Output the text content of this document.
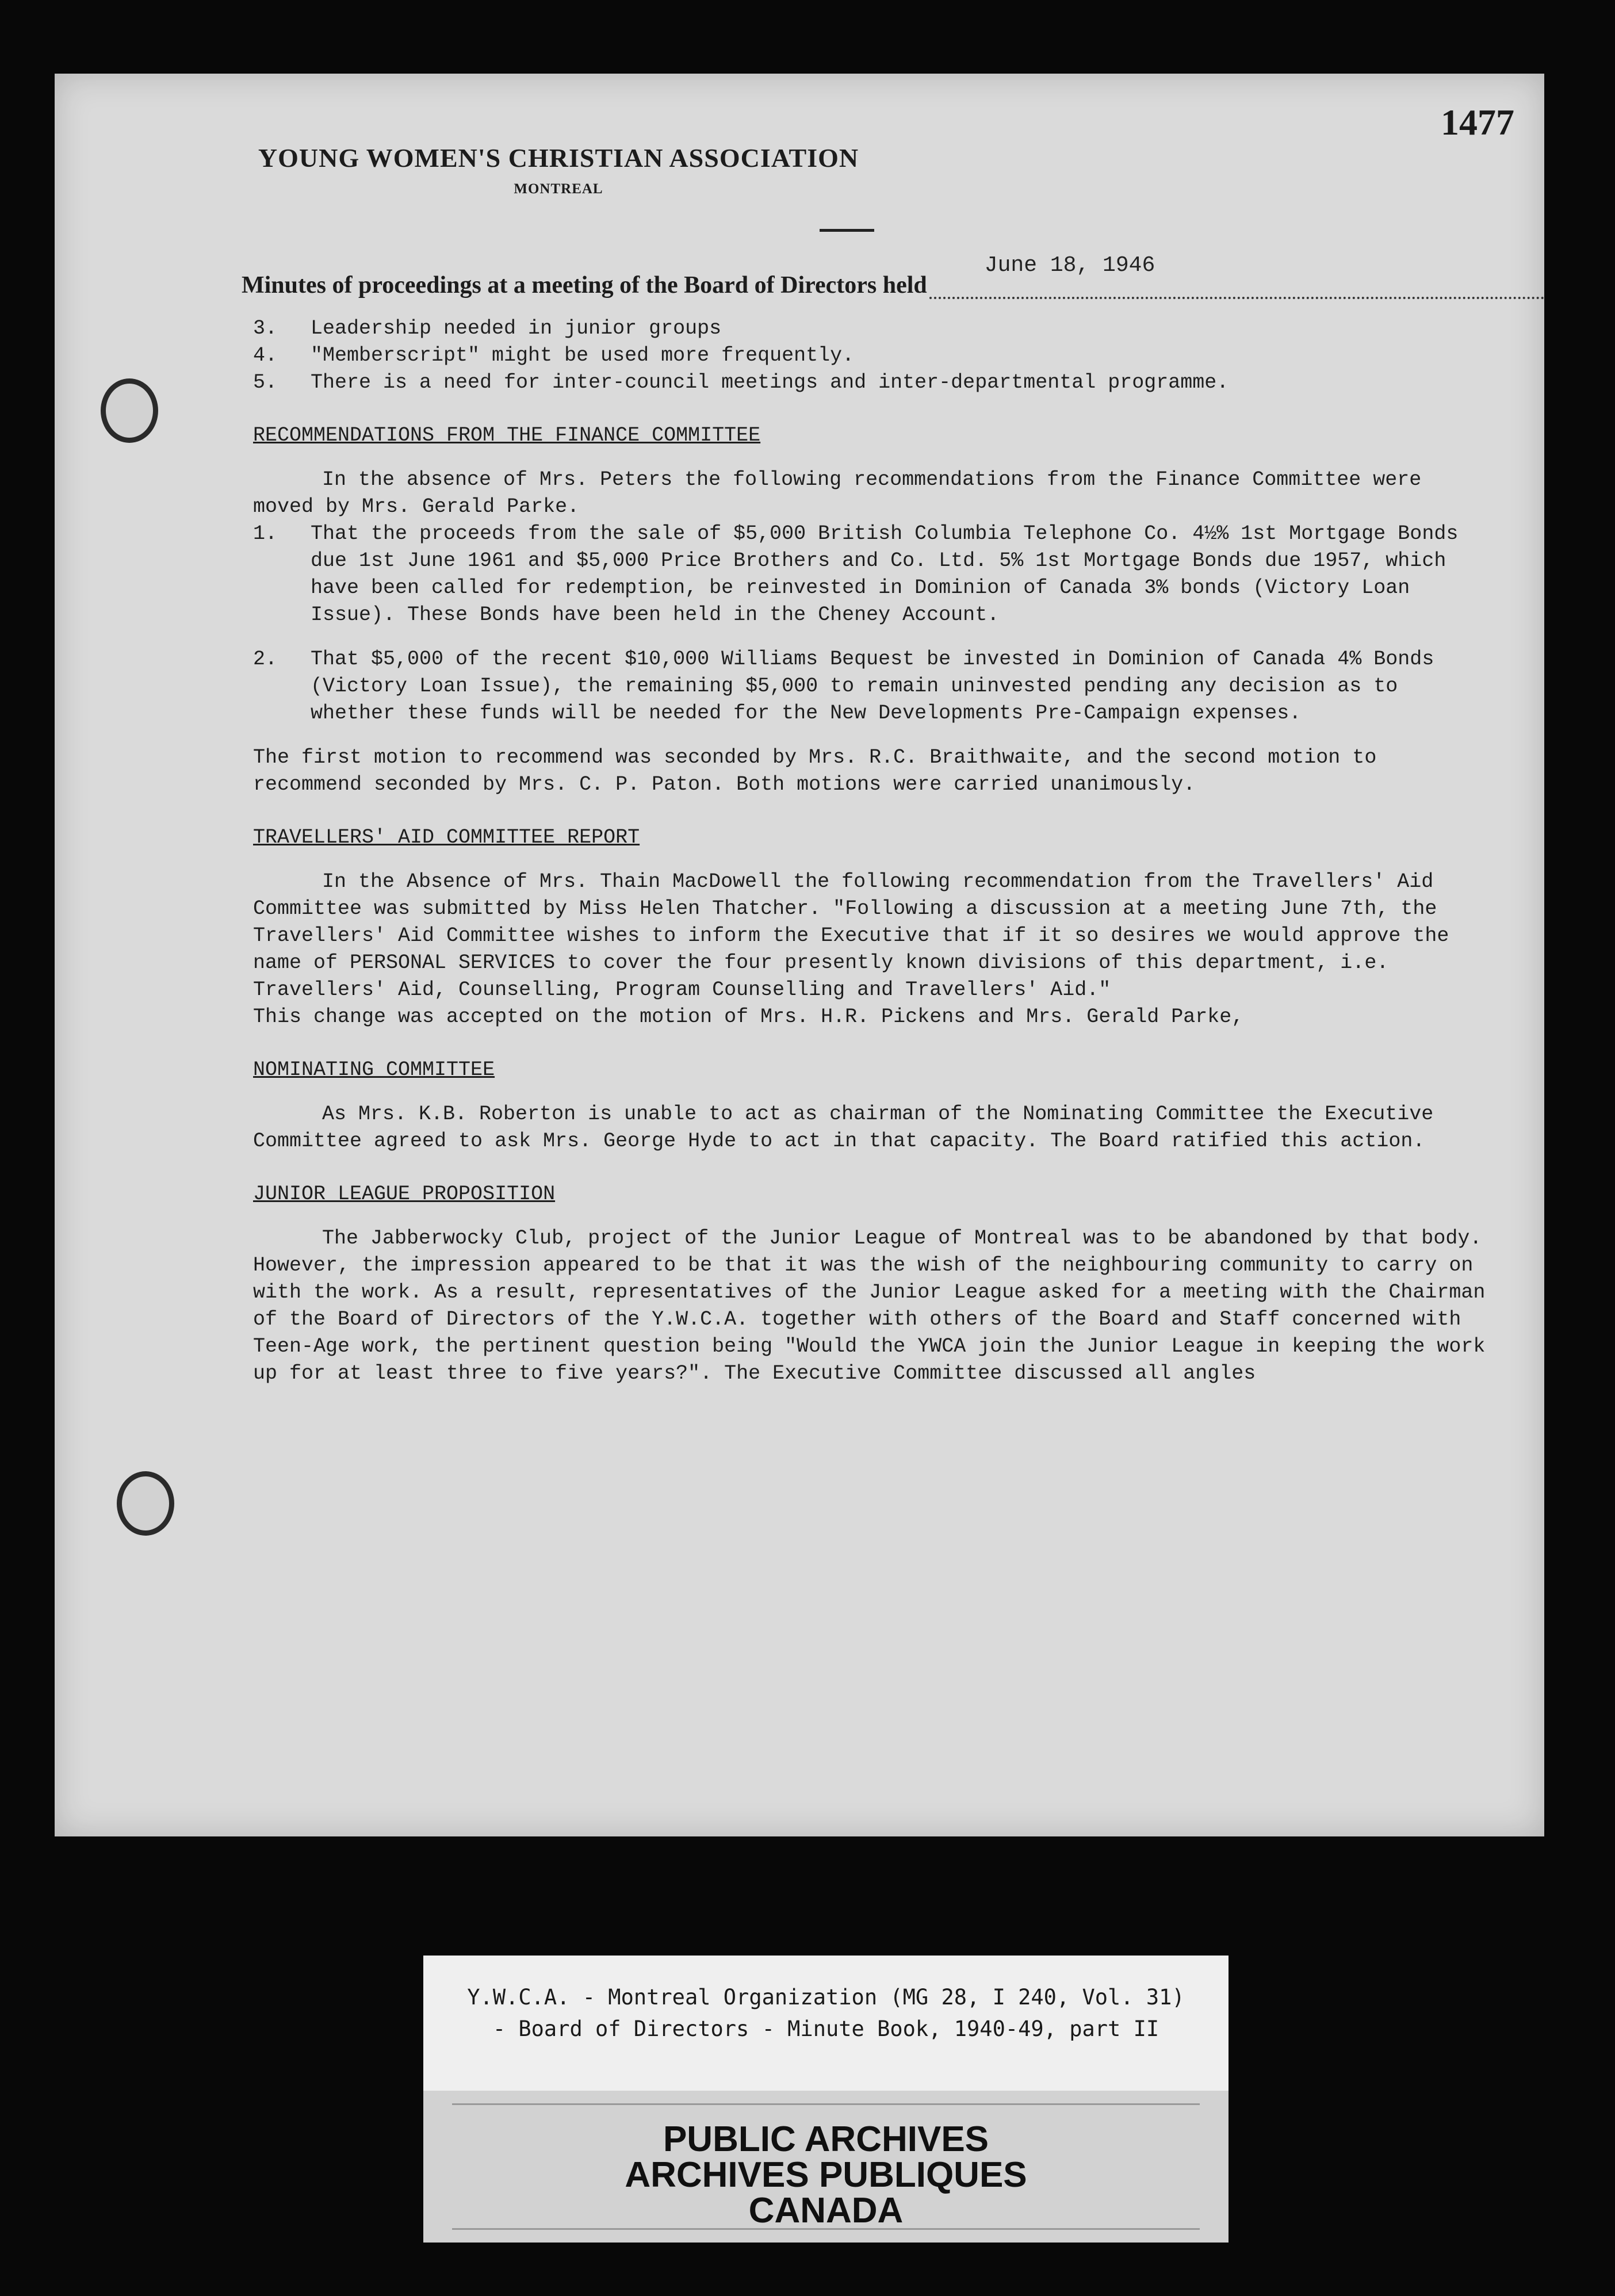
1477
YOUNG WOMEN'S CHRISTIAN ASSOCIATION
MONTREAL
Minutes of proceedings at a meeting of the Board of Directors held
June 18, 1946
3.	Leadership needed in junior groups
4.	"Memberscript" might be used more frequently.
5.	There is a need for inter-council meetings and inter-departmental programme.
RECOMMENDATIONS FROM THE FINANCE COMMITTEE
In the absence of Mrs. Peters the following recommendations from the Finance Committee were moved by Mrs. Gerald Parke.
1.	That the proceeds from the sale of $5,000 British Columbia Telephone Co. 4½% 1st Mortgage Bonds due 1st June 1961 and $5,000 Price Brothers and Co. Ltd. 5% 1st Mortgage Bonds due 1957, which have been called for redemption, be reinvested in Dominion of Canada 3% bonds (Victory Loan Issue). These Bonds have been held in the Cheney Account.
2.	That $5,000 of the recent $10,000 Williams Bequest be invested in Dominion of Canada 4% Bonds (Victory Loan Issue), the remaining $5,000 to remain uninvested pending any decision as to whether these funds will be needed for the New Developments Pre-Campaign expenses.
The first motion to recommend was seconded by Mrs. R.C. Braithwaite, and the second motion to recommend seconded by Mrs. C. P. Paton. Both motions were carried unanimously.
TRAVELLERS' AID COMMITTEE REPORT
In the Absence of Mrs. Thain MacDowell the following recommendation from the Travellers' Aid Committee was submitted by Miss Helen Thatcher. "Following a discussion at a meeting June 7th, the Travellers' Aid Committee wishes to inform the Executive that if it so desires we would approve the name of PERSONAL SERVICES to cover the four presently known divisions of this department, i.e. Travellers' Aid, Counselling, Program Counselling and Travellers' Aid."
This change was accepted on the motion of Mrs. H.R. Pickens and Mrs. Gerald Parke,
NOMINATING COMMITTEE
As Mrs. K.B. Roberton is unable to act as chairman of the Nominating Committee the Executive Committee agreed to ask Mrs. George Hyde to act in that capacity. The Board ratified this action.
JUNIOR LEAGUE PROPOSITION
The Jabberwocky Club, project of the Junior League of Montreal was to be abandoned by that body. However, the impression appeared to be that it was the wish of the neighbouring community to carry on with the work. As a result, representatives of the Junior League asked for a meeting with the Chairman of the Board of Directors of the Y.W.C.A. together with others of the Board and Staff concerned with Teen-Age work, the pertinent question being "Would the YWCA join the Junior League in keeping the work up for at least three to five years?". The Executive Committee discussed all angles
Y.W.C.A. - Montreal Organization (MG 28, I 240, Vol. 31)
- Board of Directors - Minute Book, 1940-49, part II
PUBLIC ARCHIVES
ARCHIVES PUBLIQUES
CANADA
